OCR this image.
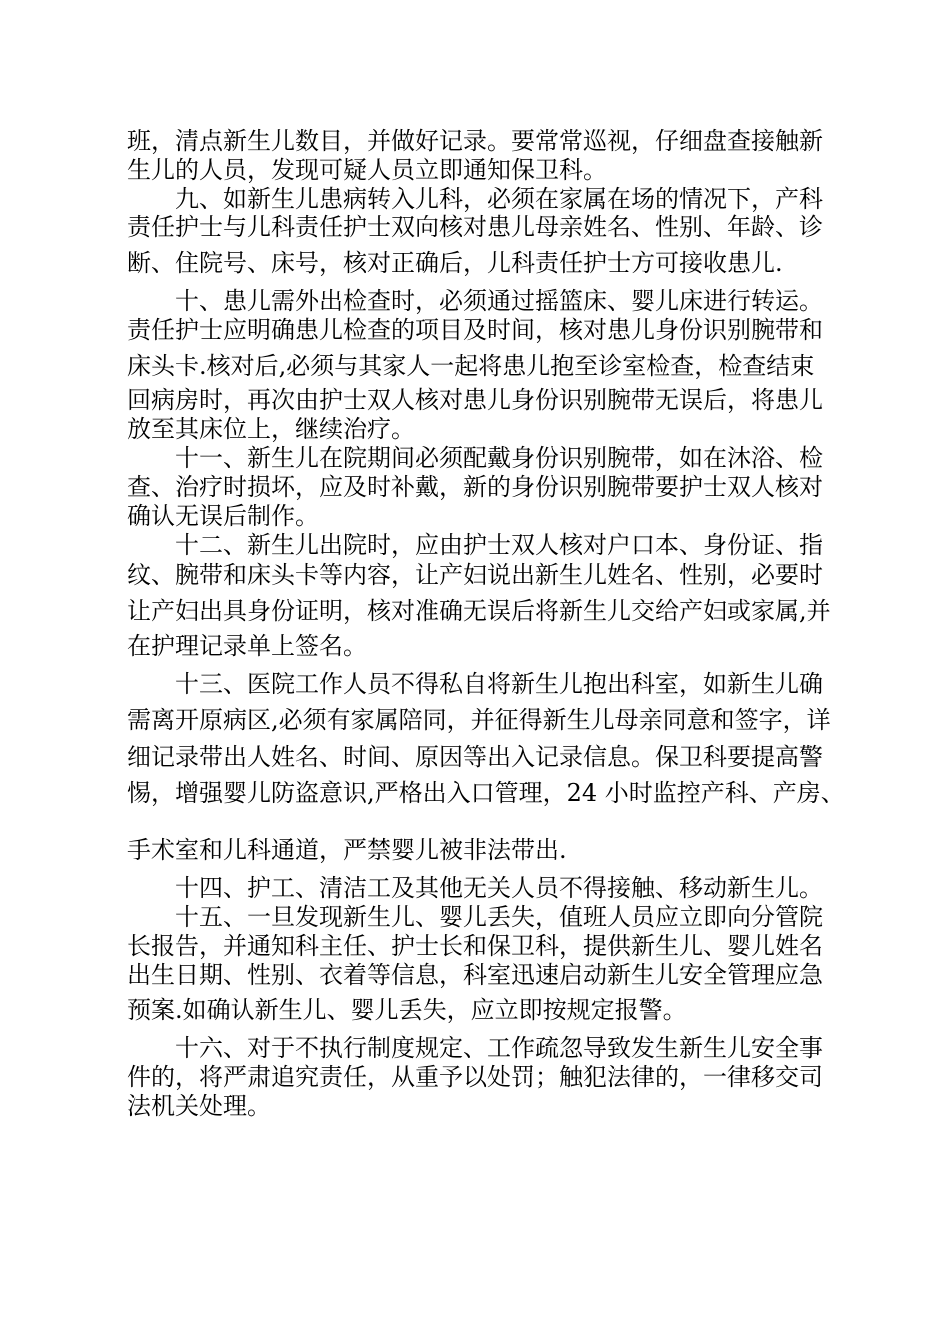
班，清点新生儿数目，并做好记录。要常常巡视，仔细盘查接触新
生儿的人员，发现可疑人员立即通知保卫科。
九、如新生儿患病转入儿科，必须在家属在场的情况下，产科
责任护士与儿科责任护士双向核对患儿母亲姓名、性别、年龄、诊
断、住院号、床号，核对正确后，儿科责任护士方可接收患儿.
十、患儿需外出检查时，必须通过摇篮床、婴儿床进行转运。
责任护士应明确患儿检查的项目及时间，核对患儿身份识别腕带和
床头卡.核对后,必须与其家人一起将患儿抱至诊室检查，检查结束
回病房时，再次由护士双人核对患儿身份识别腕带无误后，将患儿
放至其床位上，继续治疗。
十一、新生儿在院期间必须配戴身份识别腕带，如在沐浴、检
查、治疗时损坏，应及时补戴，新的身份识别腕带要护士双人核对
确认无误后制作。
十二、新生儿出院时，应由护士双人核对户口本、身份证、指
纹、腕带和床头卡等内容，让产妇说出新生儿姓名、性别，必要时
让产妇出具身份证明，核对准确无误后将新生儿交给产妇或家属,并
在护理记录单上签名。
十三、医院工作人员不得私自将新生儿抱出科室，如新生儿确
需离开原病区,必须有家属陪同，并征得新生儿母亲同意和签字，详
细记录带出人姓名、时间、原因等出入记录信息。保卫科要提高警
惕，增强婴儿防盗意识,严格出入口管理，24 小时监控产科、产房、
手术室和儿科通道，严禁婴儿被非法带出.
十四、护工、清洁工及其他无关人员不得接触、移动新生儿。
十五、一旦发现新生儿、婴儿丢失，值班人员应立即向分管院
长报告，并通知科主任、护士长和保卫科，提供新生儿、婴儿姓名
出生日期、性别、衣着等信息，科室迅速启动新生儿安全管理应急
预案.如确认新生儿、婴儿丢失，应立即按规定报警。
十六、对于不执行制度规定、工作疏忽导致发生新生儿安全事
件的，将严肃追究责任，从重予以处罚；触犯法律的，一律移交司
法机关处理。
